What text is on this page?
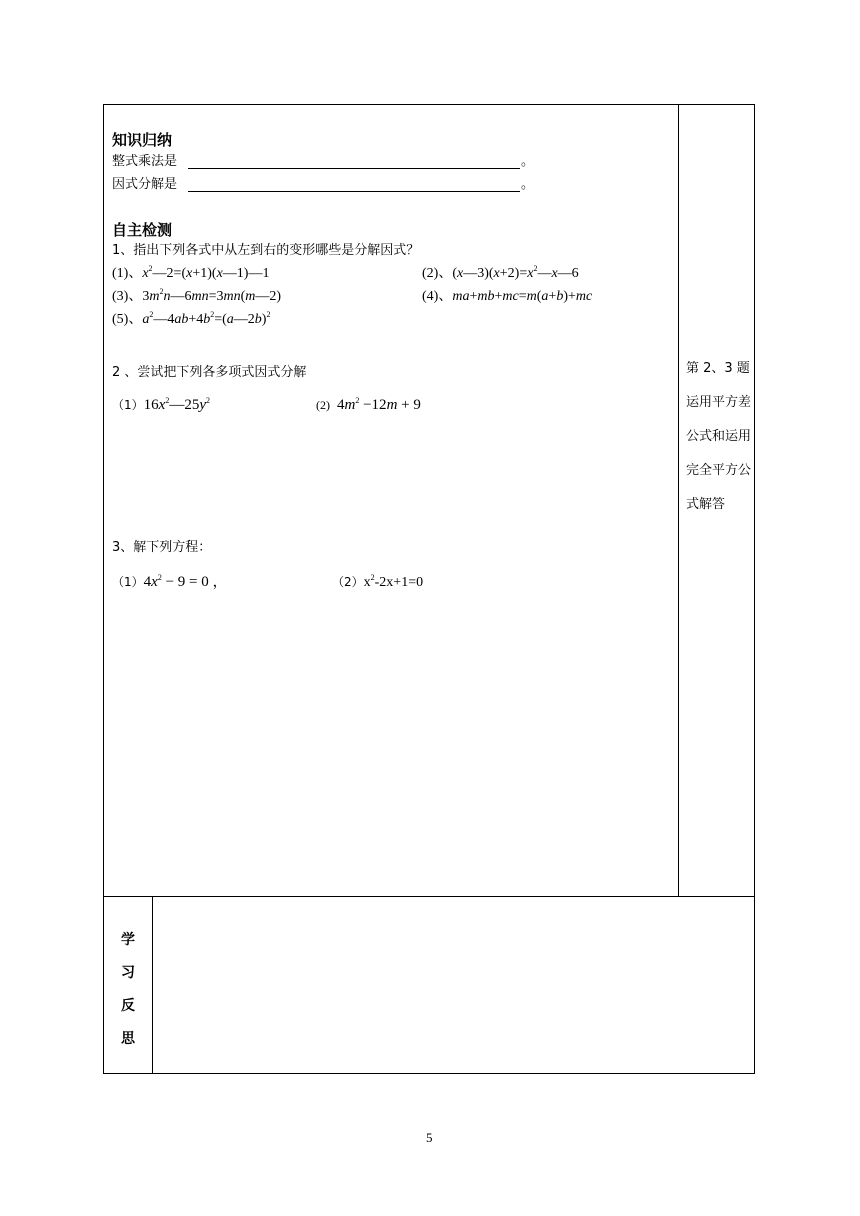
知识归纳
整式乘法是	。
因式分解是	。
自主检测
1、指出下列各式中从左到右的变形哪些是分解因式？
(1)、$x^2—2=(x+1)(x—1)—1$	(2)、$(x—3)(x+2)=x^2—x—6$
(3)、$3m^2n—6mn=3mn(m—2)$	(4)、ma+mb+mc=m(a+b)+mc
(5)、$a^2—4ab+4b^2=(a—2b)^2$
2 、尝试把下列各多项式因式分解
$(1)16x^2—25y^2$	(2) $4m^2 -12m + 9$
3、解下列方程：
$(1)4x^2 - 9 = 0$ ，	$(2)x^2-2x+1=0$
第 2、3 题运用平方差公式和运用完全平方公式解答
学
习
反
思
5
